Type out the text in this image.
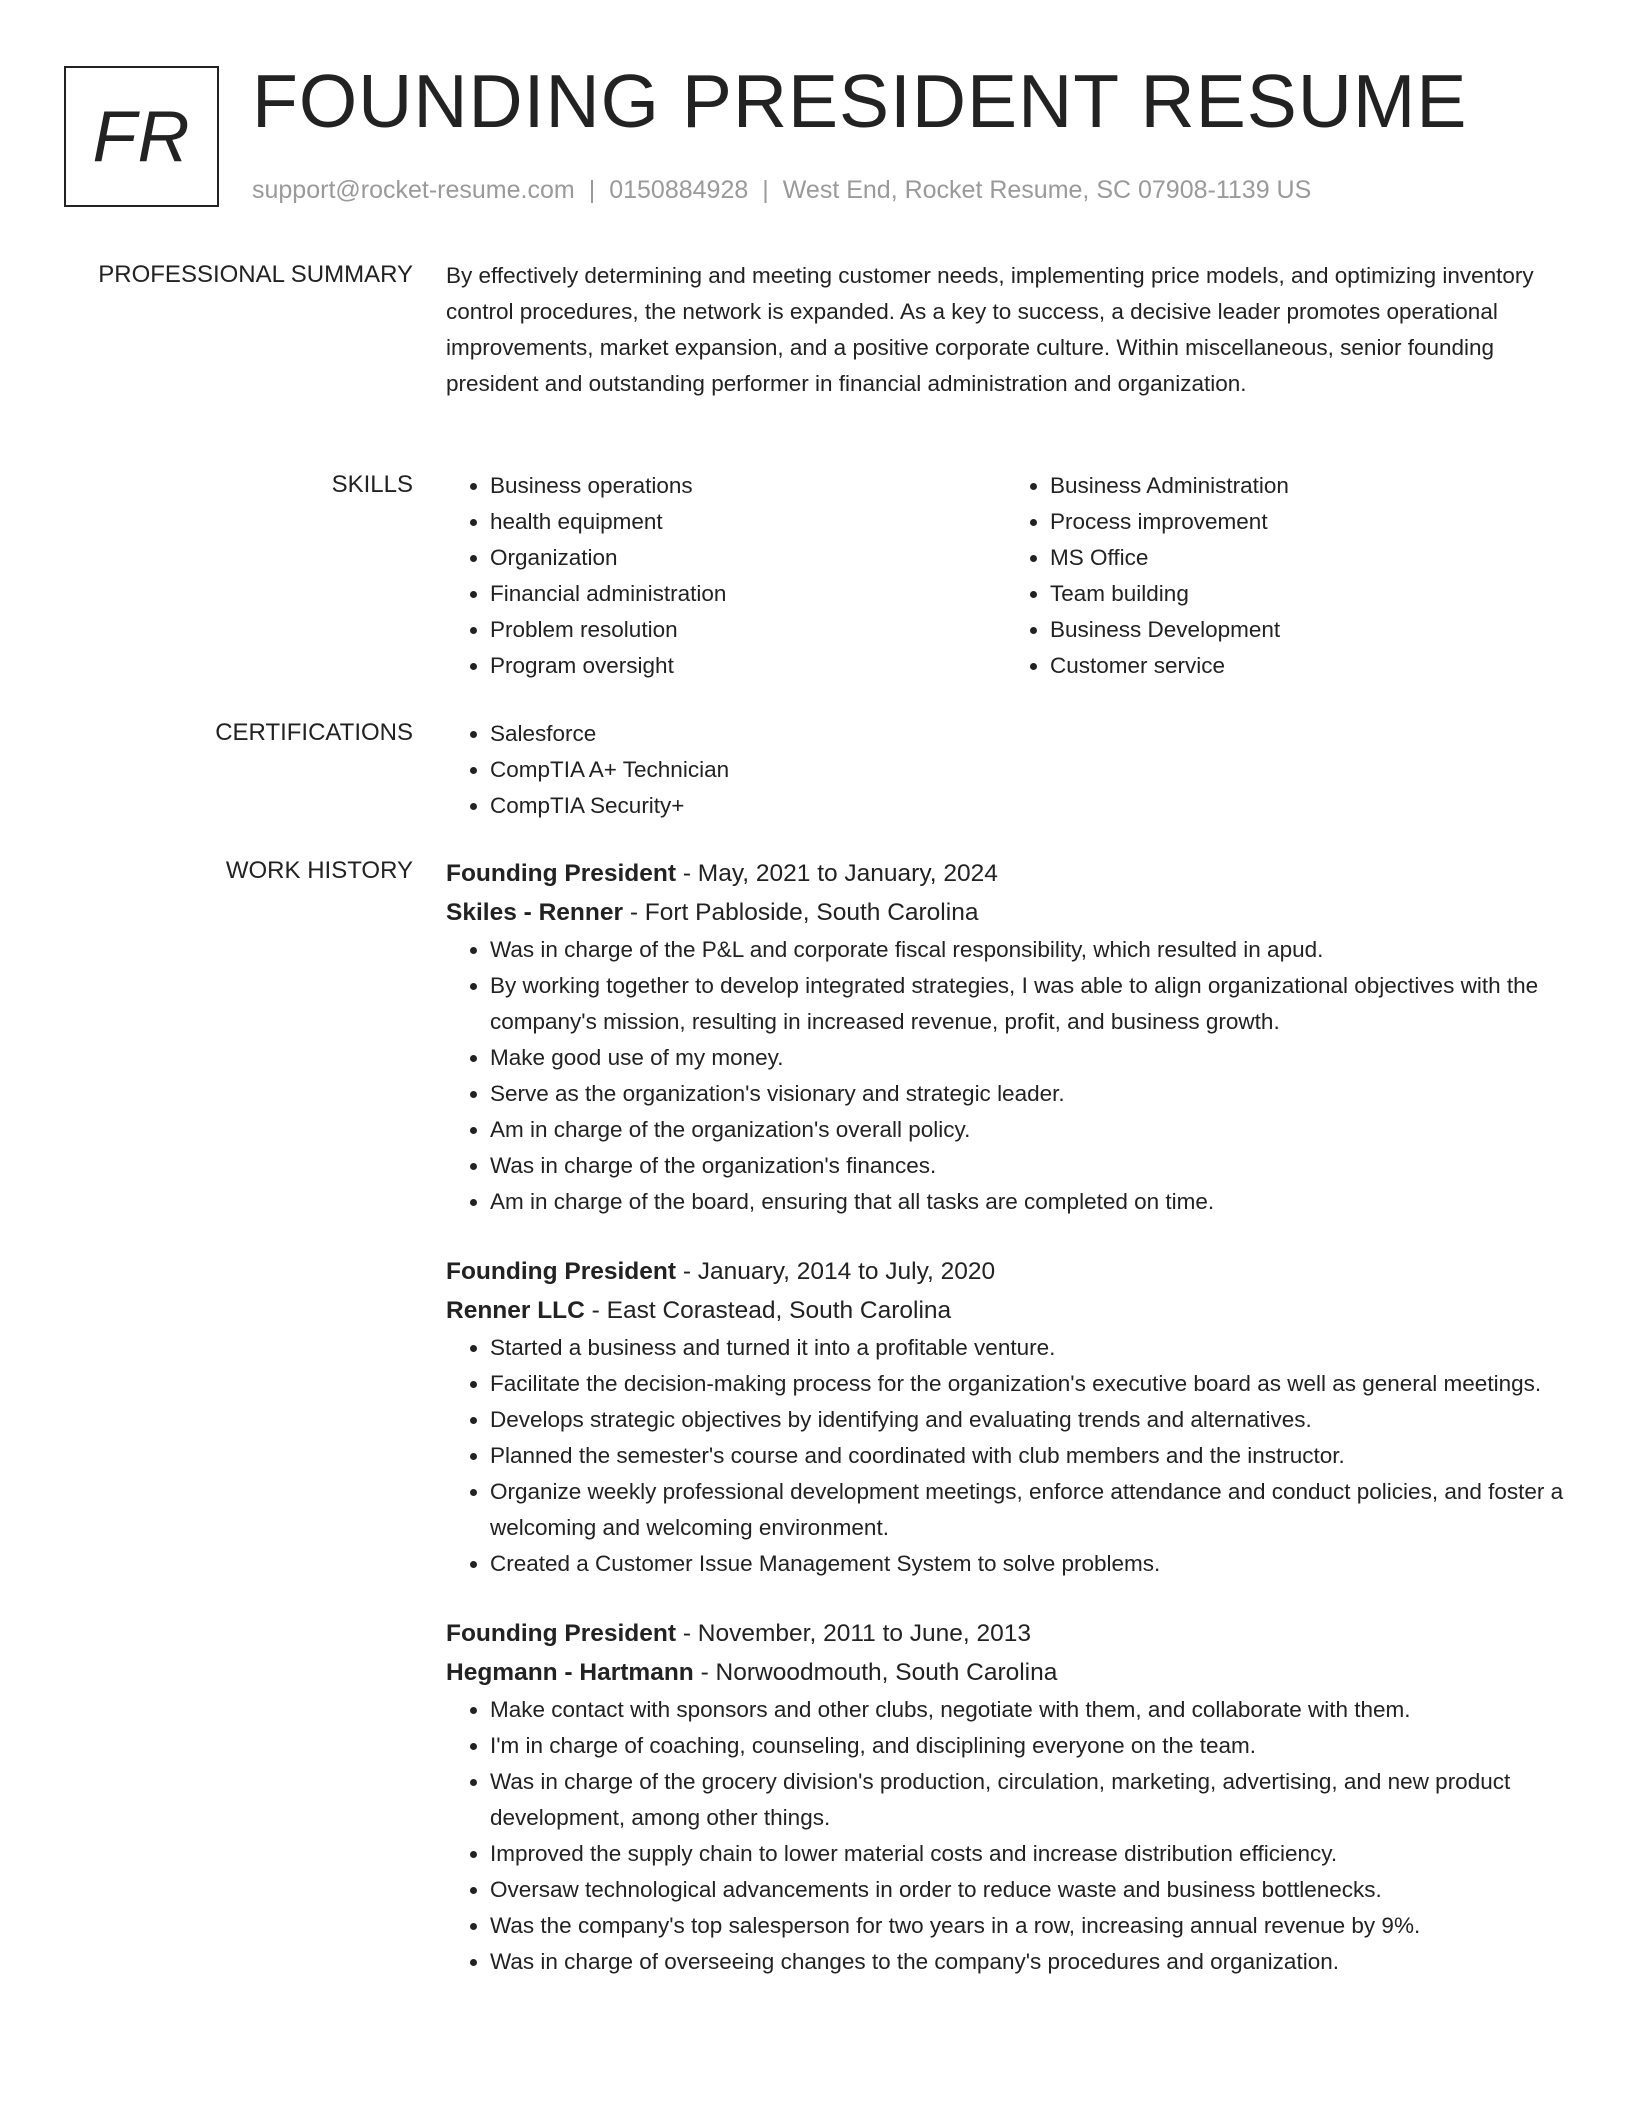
FR FOUNDING PRESIDENT RESUME
support@rocket-resume.com | 0150884928 | West End, Rocket Resume, SC 07908-1139 US
PROFESSIONAL SUMMARY By effectively determining and meeting customer needs, implementing price models, and optimizing inventory control procedures, the network is expanded. As a key to success, a decisive leader promotes operational improvements, market expansion, and a positive corporate culture. Within miscellaneous, senior founding president and outstanding performer in financial administration and organization.

SKILLS	• Business operations
• health equipment
• Organization
• Financial administration
• Problem resolution
• Program oversight
• Business Administration
• Process improvement
• MS Office
• Team building
• Business Development
• Customer service
CERTIFICATIONS	• Salesforce
• CompTIA A+ Technician
• CompTIA Security+
WORK HISTORY Founding President - May, 2021 to January, 2024

Skiles - Renner - Fort Pabloside, South Carolina

• Was in charge of the P&L and corporate fiscal responsibility, which resulted in apud.
• By working together to develop integrated strategies, I was able to align organizational objectives with the company's mission, resulting in increased revenue, profit, and business growth.
• Make good use of my money.
• Serve as the organization's visionary and strategic leader.
• Am in charge of the organization's overall policy.
• Was in charge of the organization's finances.
• Am in charge of the board, ensuring that all tasks are completed on time.

Founding President - January, 2014 to July, 2020

Renner LLC - East Corastead, South Carolina

• Started a business and turned it into a profitable venture.
• Facilitate the decision-making process for the organization's executive board as well as general meetings.
• Develops strategic objectives by identifying and evaluating trends and alternatives.
• Planned the semester's course and coordinated with club members and the instructor.
• Organize weekly professional development meetings, enforce attendance and conduct policies, and foster a welcoming and welcoming environment.
• Created a Customer Issue Management System to solve problems.

Founding President - November, 2011 to June, 2013

Hegmann - Hartmann - Norwoodmouth, South Carolina

• Make contact with sponsors and other clubs, negotiate with them, and collaborate with them.
• I'm in charge of coaching, counseling, and disciplining everyone on the team.
• Was in charge of the grocery division's production, circulation, marketing, advertising, and new product development, among other things.
• Improved the supply chain to lower material costs and increase distribution efficiency.
• Oversaw technological advancements in order to reduce waste and business bottlenecks.
• Was the company's top salesperson for two years in a row, increasing annual revenue by 9%.
• Was in charge of overseeing changes to the company's procedures and organization.
